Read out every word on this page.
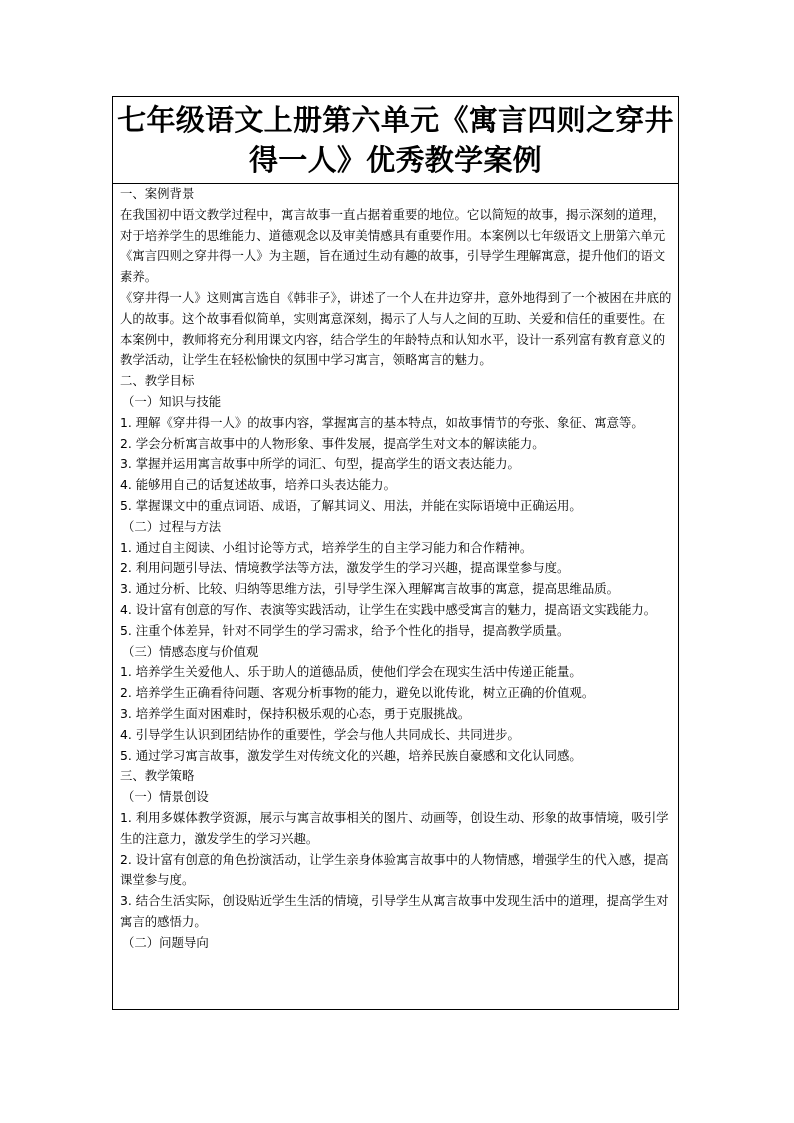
七年级语文上册第六单元《寓言四则之穿井
得一人》优秀教学案例

一、案例背景

在我国初中语文教学过程中，寓言故事一直占据着重要的地位。它以简短的故事，揭示深刻的道理，对于培养学生的思维能力、道德观念以及审美情感具有重要作用。本案例以七年级语文上册第六单元《寓言四则之穿井得一人》为主题，旨在通过生动有趣的故事，引导学生理解寓意，提升他们的语文素养。

《穿井得一人》这则寓言选自《韩非子》，讲述了一个人在井边穿井，意外地得到了一个被困在井底的人的故事。这个故事看似简单，实则寓意深刻，揭示了人与人之间的互助、关爱和信任的重要性。在本案例中，教师将充分利用课文内容，结合学生的年龄特点和认知水平，设计一系列富有教育意义的教学活动，让学生在轻松愉快的氛围中学习寓言，领略寓言的魅力。

二、教学目标

（一）知识与技能

1. 理解《穿井得一人》的故事内容，掌握寓言的基本特点，如故事情节的夸张、象征、寓意等。

2. 学会分析寓言故事中的人物形象、事件发展，提高学生对文本的解读能力。

3. 掌握并运用寓言故事中所学的词汇、句型，提高学生的语文表达能力。

4. 能够用自己的话复述故事，培养口头表达能力。

5. 掌握课文中的重点词语、成语，了解其词义、用法，并能在实际语境中正确运用。

（二）过程与方法

1. 通过自主阅读、小组讨论等方式，培养学生的自主学习能力和合作精神。

2. 利用问题引导法、情境教学法等方法，激发学生的学习兴趣，提高课堂参与度。

3. 通过分析、比较、归纳等思维方法，引导学生深入理解寓言故事的寓意，提高思维品质。

4. 设计富有创意的写作、表演等实践活动，让学生在实践中感受寓言的魅力，提高语文实践能力。

5. 注重个体差异，针对不同学生的学习需求，给予个性化的指导，提高教学质量。

（三）情感态度与价值观

1. 培养学生关爱他人、乐于助人的道德品质，使他们学会在现实生活中传递正能量。

2. 培养学生正确看待问题、客观分析事物的能力，避免以讹传讹，树立正确的价值观。

3. 培养学生面对困难时，保持积极乐观的心态，勇于克服挑战。

4. 引导学生认识到团结协作的重要性，学会与他人共同成长、共同进步。

5. 通过学习寓言故事，激发学生对传统文化的兴趣，培养民族自豪感和文化认同感。

三、教学策略

（一）情景创设

1. 利用多媒体教学资源，展示与寓言故事相关的图片、动画等，创设生动、形象的故事情境，吸引学生的注意力，激发学生的学习兴趣。

2. 设计富有创意的角色扮演活动，让学生亲身体验寓言故事中的人物情感，增强学生的代入感，提高课堂参与度。

3. 结合生活实际，创设贴近学生生活的情境，引导学生从寓言故事中发现生活中的道理，提高学生对寓言的感悟力。

（二）问题导向
